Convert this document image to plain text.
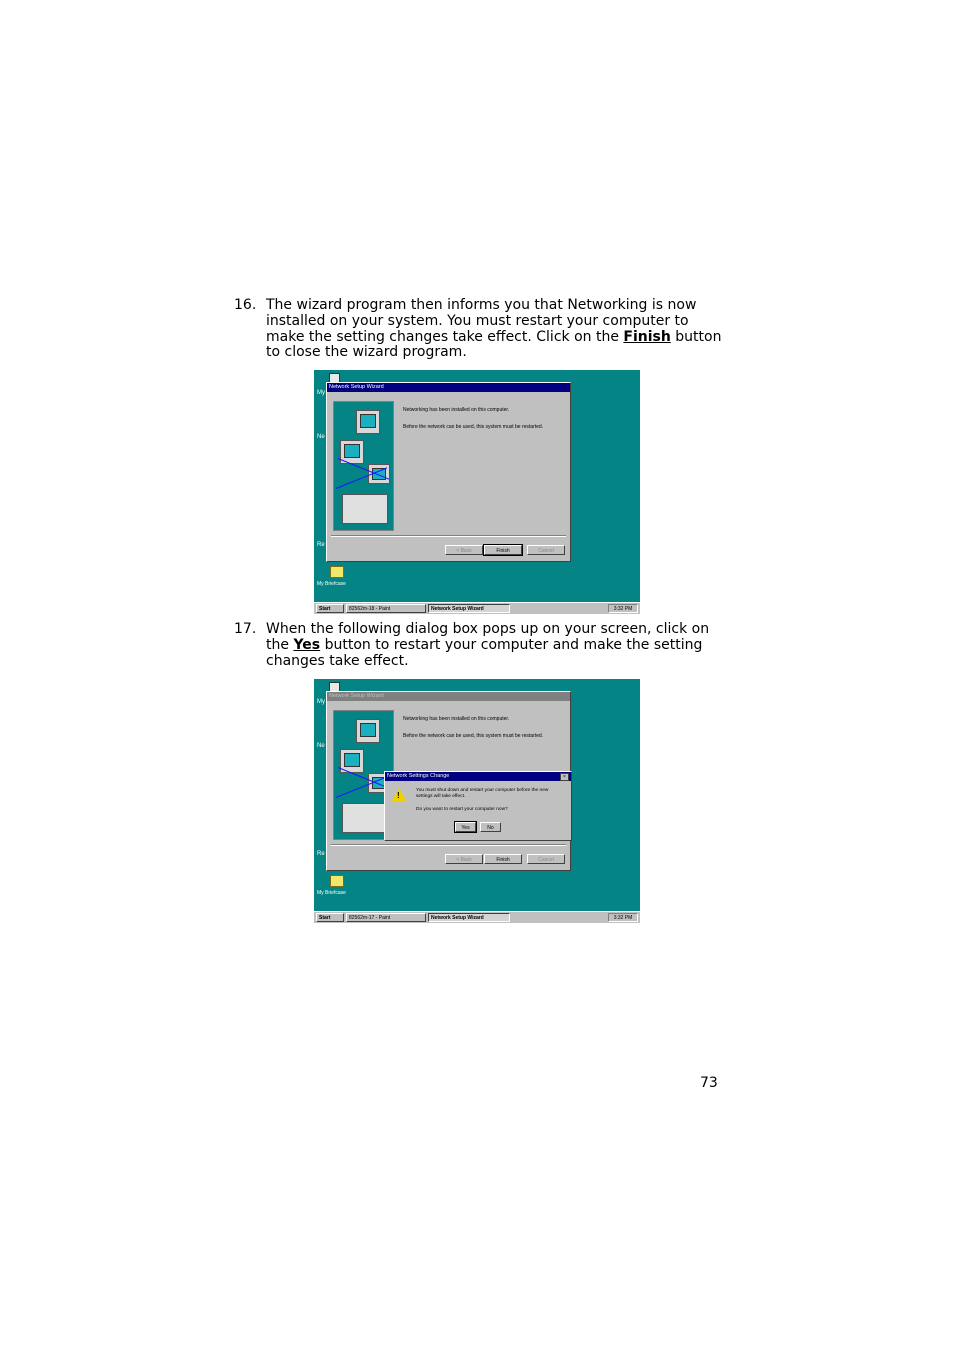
16. The wizard program then informs you that Networking is now
installed on your system. You must restart your computer to
make the setting changes take effect. Click on the Finish button
to close the wizard program.
My
Ne
Re
Network Setup Wizard
Networking has been installed on this computer.
Before the network can be used, this system must be restarted.
< Back	Finish	Cancel
My Briefcase
Start	82562m-18 - Paint	Network Setup Wizard	3:32 PM
17. When the following dialog box pops up on your screen, click on
the Yes button to restart your computer and make the setting
changes take effect.
My
Ne
Re
Network Setup Wizard
Networking has been installed on this computer.
Before the network can be used, this system must be restarted.
< Back	Finish	Cancel
Network Settings Change	×
!
You must shut down and restart your computer before the new
settings will take effect.
Do you want to restart your computer now?
Yes	No
My Briefcase
Start	82562m-17 - Paint	Network Setup Wizard	3:32 PM
73
